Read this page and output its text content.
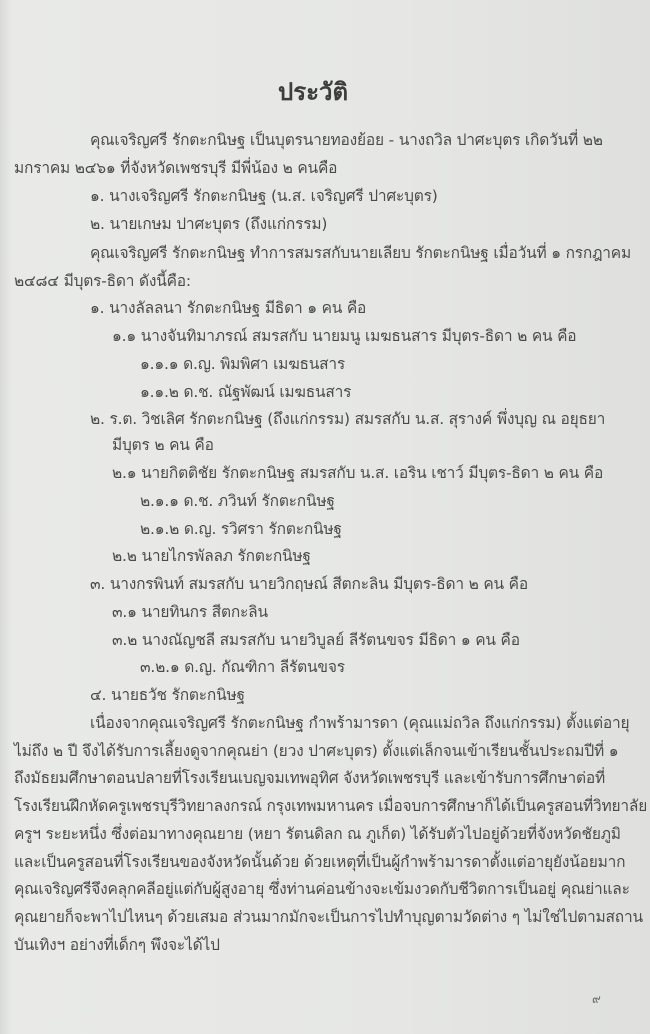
ประวัติ
คุณเจริญศรี รักตะกนิษฐ เป็นบุตรนายทองย้อย - นางถวิล ปาศะบุตร เกิดวันที่ ๒๒
มกราคม ๒๔๖๑ ที่จังหวัดเพชรบุรี มีพี่น้อง ๒ คนคือ
๑. นางเจริญศรี รักตะกนิษฐ (น.ส. เจริญศรี ปาศะบุตร)
๒. นายเกษม ปาศะบุตร (ถึงแก่กรรม)
คุณเจริญศรี รักตะกนิษฐ ทำการสมรสกับนายเลียบ รักตะกนิษฐ เมื่อวันที่ ๑ กรกฎาคม
๒๔๘๔ มีบุตร-ธิดา ดังนี้คือ:
๑. นางลัลลนา รักตะกนิษฐ มีธิดา ๑ คน คือ
๑.๑ นางจันทิมาภรณ์ สมรสกับ นายมนู เมฆธนสาร มีบุตร-ธิดา ๒ คน คือ
๑.๑.๑ ด.ญ. พิมพิศา เมฆธนสาร
๑.๑.๒ ด.ช. ณัฐพัฒน์ เมฆธนสาร
๒. ร.ต. วิชเลิศ รักตะกนิษฐ (ถึงแก่กรรม) สมรสกับ น.ส. สุรางค์ พึ่งบุญ ณ อยุธยา
มีบุตร ๒ คน คือ
๒.๑ นายกิตติชัย รักตะกนิษฐ สมรสกับ น.ส. เอริน เชาว์ มีบุตร-ธิดา ๒ คน คือ
๒.๑.๑ ด.ช. ภวินท์ รักตะกนิษฐ
๒.๑.๒ ด.ญ. รวิศรา รักตะกนิษฐ
๒.๒ นายไกรพัลลภ รักตะกนิษฐ
๓. นางกรพินท์ สมรสกับ นายวิกฤษณ์ สีตกะลิน มีบุตร-ธิดา ๒ คน คือ
๓.๑ นายทินกร สีตกะลิน
๓.๒ นางณัญชลี สมรสกับ นายวิบูลย์ ลีรัตนขจร มีธิดา ๑ คน คือ
๓.๒.๑ ด.ญ. กัณฑิกา ลีรัตนขจร
๔. นายธวัช รักตะกนิษฐ
เนื่องจากคุณเจริญศรี รักตะกนิษฐ กำพร้ามารดา (คุณแม่ถวิล ถึงแก่กรรม) ตั้งแต่อายุ
ไม่ถึง ๒ ปี จึงได้รับการเลี้ยงดูจากคุณย่า (ยวง ปาศะบุตร) ตั้งแต่เล็กจนเข้าเรียนชั้นประถมปีที่ ๑
ถึงมัธยมศึกษาตอนปลายที่โรงเรียนเบญจมเทพอุทิศ จังหวัดเพชรบุรี และเข้ารับการศึกษาต่อที่
โรงเรียนฝึกหัดครูเพชรบุรีวิทยาลงกรณ์ กรุงเทพมหานคร เมื่อจบการศึกษาก็ได้เป็นครูสอนที่วิทยาลัย
ครูฯ ระยะหนึ่ง ซึ่งต่อมาทางคุณยาย (หยา รัตนดิลก ณ ภูเก็ต) ได้รับตัวไปอยู่ด้วยที่จังหวัดชัยภูมิ
และเป็นครูสอนที่โรงเรียนของจังหวัดนั้นด้วย ด้วยเหตุที่เป็นผู้กำพร้ามารดาตั้งแต่อายุยังน้อยมาก
คุณเจริญศรีจึงคลุกคลีอยู่แต่กับผู้สูงอายุ ซึ่งท่านค่อนข้างจะเข้มงวดกับชีวิตการเป็นอยู่ คุณย่าและ
คุณยายก็จะพาไปไหนๆ ด้วยเสมอ ส่วนมากมักจะเป็นการไปทำบุญตามวัดต่าง ๆ ไม่ใช่ไปตามสถาน
บันเทิงฯ อย่างที่เด็กๆ พึงจะได้ไป
๙
